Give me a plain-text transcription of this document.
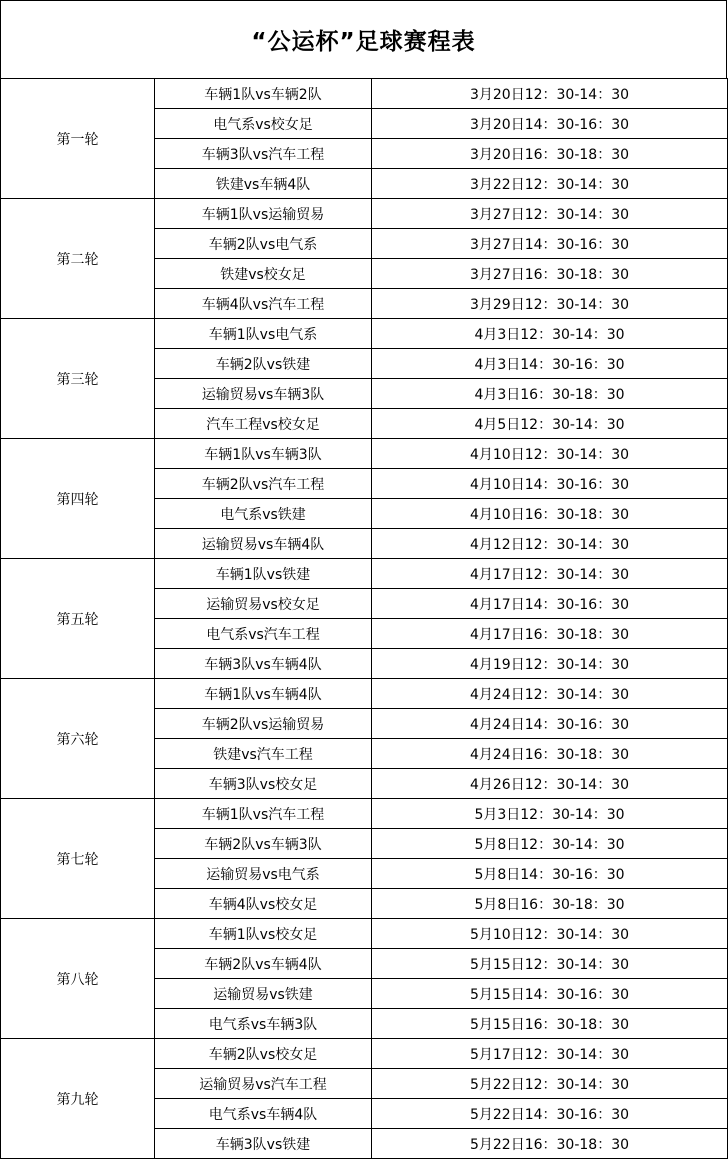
“公运杯”足球赛程表
第一轮	车辆1队vs车辆2队	3月20日12：30-14：30
	电气系vs校女足	3月20日14：30-16：30
	车辆3队vs汽车工程	3月20日16：30-18：30
	铁建vs车辆4队	3月22日12：30-14：30
第二轮	车辆1队vs运输贸易	3月27日12：30-14：30
	车辆2队vs电气系	3月27日14：30-16：30
	铁建vs校女足	3月27日16：30-18：30
	车辆4队vs汽车工程	3月29日12：30-14：30
第三轮	车辆1队vs电气系	4月3日12：30-14：30
	车辆2队vs铁建	4月3日14：30-16：30
	运输贸易vs车辆3队	4月3日16：30-18：30
	汽车工程vs校女足	4月5日12：30-14：30
第四轮	车辆1队vs车辆3队	4月10日12：30-14：30
	车辆2队vs汽车工程	4月10日14：30-16：30
	电气系vs铁建	4月10日16：30-18：30
	运输贸易vs车辆4队	4月12日12：30-14：30
第五轮	车辆1队vs铁建	4月17日12：30-14：30
	运输贸易vs校女足	4月17日14：30-16：30
	电气系vs汽车工程	4月17日16：30-18：30
	车辆3队vs车辆4队	4月19日12：30-14：30
第六轮	车辆1队vs车辆4队	4月24日12：30-14：30
	车辆2队vs运输贸易	4月24日14：30-16：30
	铁建vs汽车工程	4月24日16：30-18：30
	车辆3队vs校女足	4月26日12：30-14：30
第七轮	车辆1队vs汽车工程	5月3日12：30-14：30
	车辆2队vs车辆3队	5月8日12：30-14：30
	运输贸易vs电气系	5月8日14：30-16：30
	车辆4队vs校女足	5月8日16：30-18：30
第八轮	车辆1队vs校女足	5月10日12：30-14：30
	车辆2队vs车辆4队	5月15日12：30-14：30
	运输贸易vs铁建	5月15日14：30-16：30
	电气系vs车辆3队	5月15日16：30-18：30
第九轮	车辆2队vs校女足	5月17日12：30-14：30
	运输贸易vs汽车工程	5月22日12：30-14：30
	电气系vs车辆4队	5月22日14：30-16：30
	车辆3队vs铁建	5月22日16：30-18：30
